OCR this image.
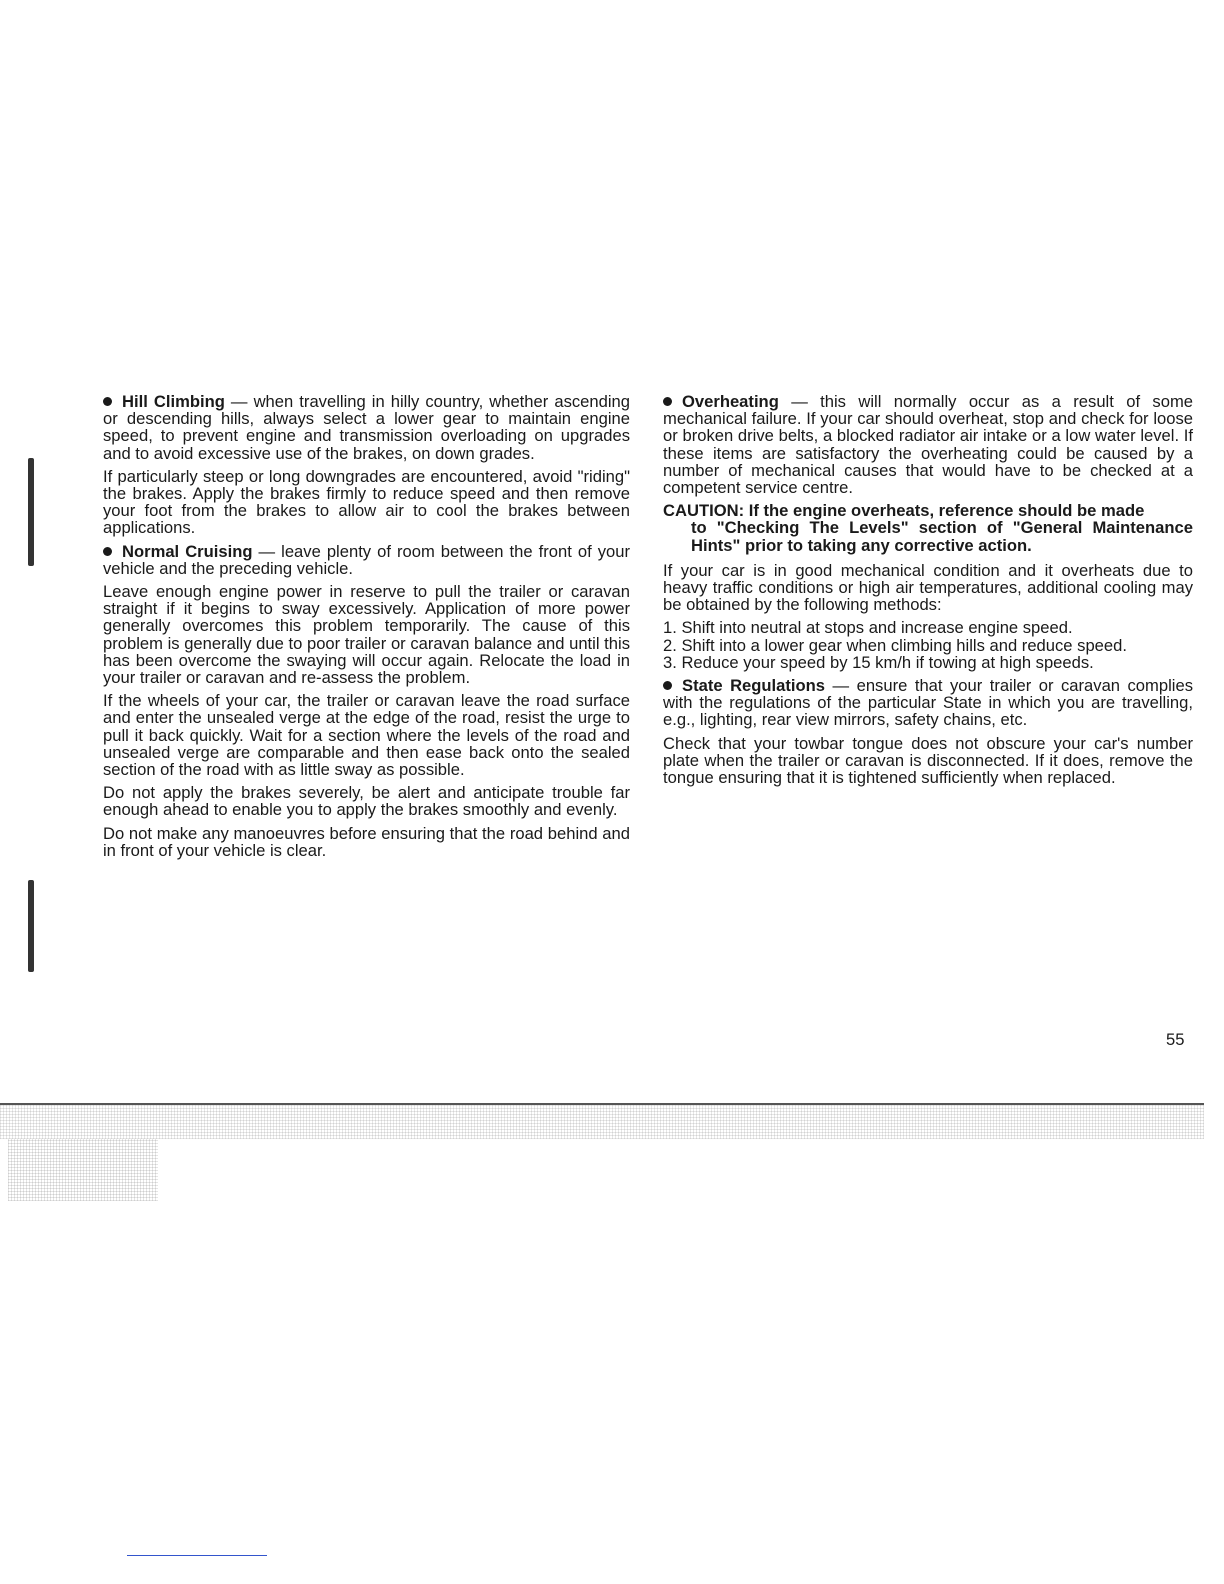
Hill Climbing — when travelling in hilly country, whether ascending or descending hills, always select a lower gear to maintain engine speed, to prevent engine and transmission overloading on upgrades and to avoid excessive use of the brakes, on down grades.

If particularly steep or long downgrades are encountered, avoid "riding" the brakes. Apply the brakes firmly to reduce speed and then remove your foot from the brakes to allow air to cool the brakes between applications.

Normal Cruising — leave plenty of room between the front of your vehicle and the preceding vehicle.

Leave enough engine power in reserve to pull the trailer or caravan straight if it begins to sway excessively. Application of more power generally overcomes this problem temporarily. The cause of this problem is generally due to poor trailer or caravan balance and until this has been overcome the swaying will occur again. Relocate the load in your trailer or caravan and re-assess the problem.

If the wheels of your car, the trailer or caravan leave the road surface and enter the unsealed verge at the edge of the road, resist the urge to pull it back quickly. Wait for a section where the levels of the road and unsealed verge are comparable and then ease back onto the sealed section of the road with as little sway as possible.

Do not apply the brakes severely, be alert and anticipate trouble far enough ahead to enable you to apply the brakes smoothly and evenly.

Do not make any manoeuvres before ensuring that the road behind and in front of your vehicle is clear.

Overheating — this will normally occur as a result of some mechanical failure. If your car should overheat, stop and check for loose or broken drive belts, a blocked radiator air intake or a low water level. If these items are satisfactory the overheating could be caused by a number of mechanical causes that would have to be checked at a competent service centre.

CAUTION: If the engine overheats, reference should be made
to "Checking The Levels" section of "General Maintenance Hints" prior to taking any corrective action.

If your car is in good mechanical condition and it overheats due to heavy traffic conditions or high air temperatures, additional cooling may be obtained by the following methods:

1. Shift into neutral at stops and increase engine speed.
2. Shift into a lower gear when climbing hills and reduce speed.
3. Reduce your speed by 15 km/h if towing at high speeds.

State Regulations — ensure that your trailer or caravan complies with the regulations of the particular State in which you are travelling, e.g., lighting, rear view mirrors, safety chains, etc.

Check that your towbar tongue does not obscure your car's number plate when the trailer or caravan is disconnected. If it does, remove the tongue ensuring that it is tightened sufficiently when replaced.

55
